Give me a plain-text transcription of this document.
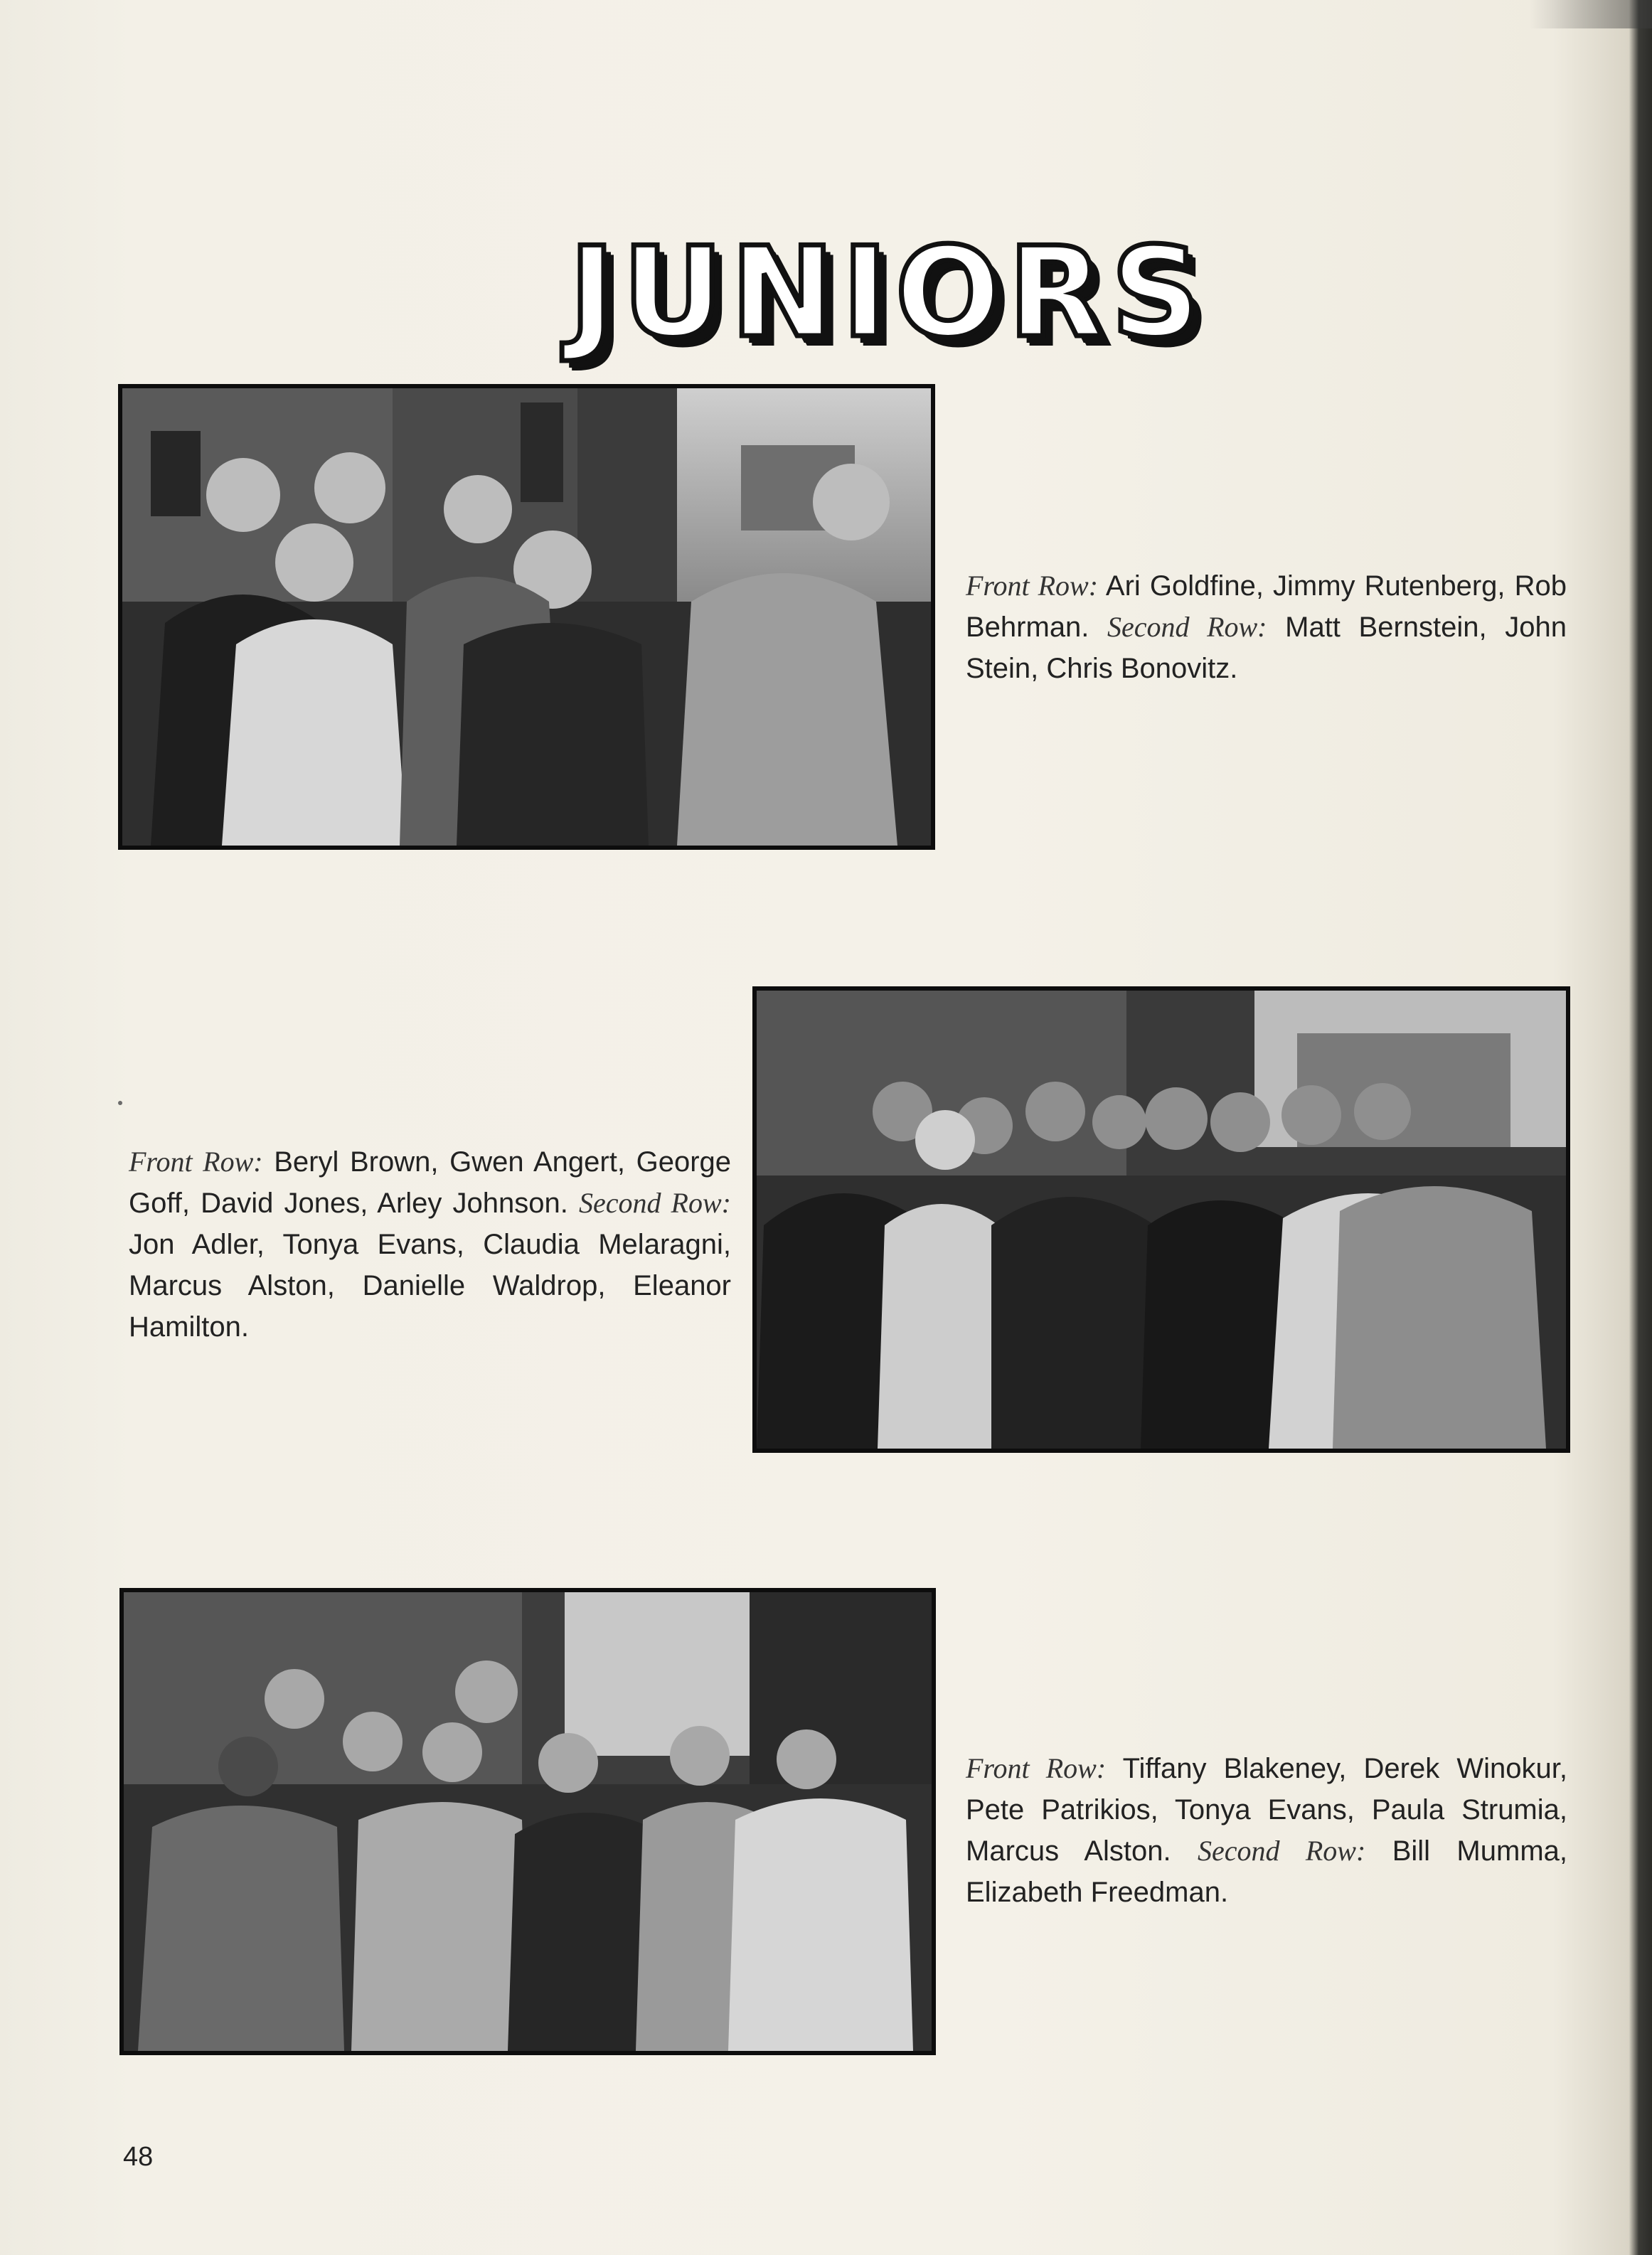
JUNIORS

Front Row: Ari Goldfine, Jimmy Rutenberg, Rob Behrman. Second Row: Matt Bernstein, John Stein, Chris Bonovitz.

Front Row: Beryl Brown, Gwen Angert, George Goff, David Jones, Arley Johnson. Second Row: Jon Adler, Tonya Evans, Claudia Melaragni, Marcus Alston, Danielle Waldrop, Eleanor Hamilton.

Front Row: Tiffany Blakeney, Derek Winokur, Pete Patrikios, Tonya Evans, Paula Strumia, Marcus Alston. Second Row: Bill Mumma, Elizabeth Freedman.

48
